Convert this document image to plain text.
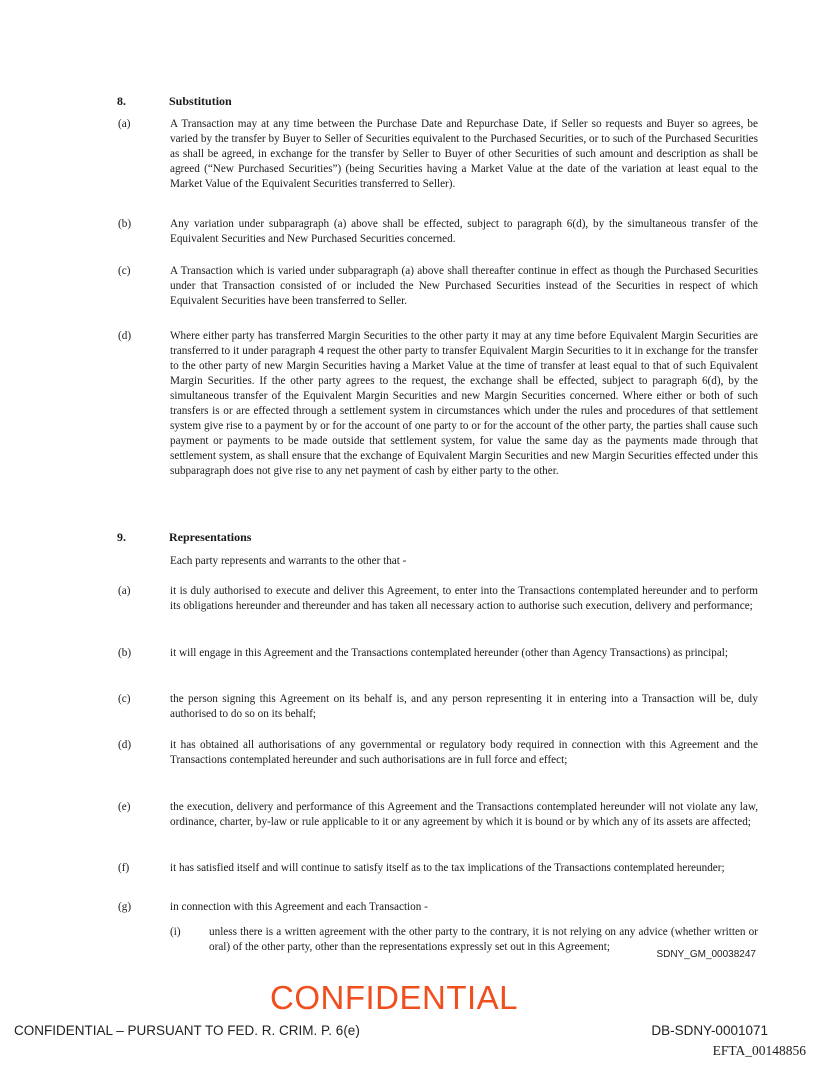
8.	Substitution
(a)	A Transaction may at any time between the Purchase Date and Repurchase Date, if Seller so requests and Buyer so agrees, be varied by the transfer by Buyer to Seller of Securities equivalent to the Purchased Securities, or to such of the Purchased Securities as shall be agreed, in exchange for the transfer by Seller to Buyer of other Securities of such amount and description as shall be agreed (“New Purchased Securities”) (being Securities having a Market Value at the date of the variation at least equal to the Market Value of the Equivalent Securities transferred to Seller).
(b)	Any variation under subparagraph (a) above shall be effected, subject to paragraph 6(d), by the simultaneous transfer of the Equivalent Securities and New Purchased Securities concerned.
(c)	A Transaction which is varied under subparagraph (a) above shall thereafter continue in effect as though the Purchased Securities under that Transaction consisted of or included the New Purchased Securities instead of the Securities in respect of which Equivalent Securities have been transferred to Seller.
(d)	Where either party has transferred Margin Securities to the other party it may at any time before Equivalent Margin Securities are transferred to it under paragraph 4 request the other party to transfer Equivalent Margin Securities to it in exchange for the transfer to the other party of new Margin Securities having a Market Value at the time of transfer at least equal to that of such Equivalent Margin Securities. If the other party agrees to the request, the exchange shall be effected, subject to paragraph 6(d), by the simultaneous transfer of the Equivalent Margin Securities and new Margin Securities concerned. Where either or both of such transfers is or are effected through a settlement system in circumstances which under the rules and procedures of that settlement system give rise to a payment by or for the account of one party to or for the account of the other party, the parties shall cause such payment or payments to be made outside that settlement system, for value the same day as the payments made through that settlement system, as shall ensure that the exchange of Equivalent Margin Securities and new Margin Securities effected under this subparagraph does not give rise to any net payment of cash by either party to the other.
9.	Representations
Each party represents and warrants to the other that -
(a)	it is duly authorised to execute and deliver this Agreement, to enter into the Transactions contemplated hereunder and to perform its obligations hereunder and thereunder and has taken all necessary action to authorise such execution, delivery and performance;
(b)	it will engage in this Agreement and the Transactions contemplated hereunder (other than Agency Transactions) as principal;
(c)	the person signing this Agreement on its behalf is, and any person representing it in entering into a Transaction will be, duly authorised to do so on its behalf;
(d)	it has obtained all authorisations of any governmental or regulatory body required in connection with this Agreement and the Transactions contemplated hereunder and such authorisations are in full force and effect;
(e)	the execution, delivery and performance of this Agreement and the Transactions contemplated hereunder will not violate any law, ordinance, charter, by-law or rule applicable to it or any agreement by which it is bound or by which any of its assets are affected;
(f)	it has satisfied itself and will continue to satisfy itself as to the tax implications of the Transactions contemplated hereunder;
(g)	in connection with this Agreement and each Transaction -
(i)	unless there is a written agreement with the other party to the contrary, it is not relying on any advice (whether written or oral) of the other party, other than the representations expressly set out in this Agreement;
SDNY_GM_00038247
CONFIDENTIAL
CONFIDENTIAL – PURSUANT TO FED. R. CRIM. P. 6(e)	DB-SDNY-0001071
EFTA_00148856
